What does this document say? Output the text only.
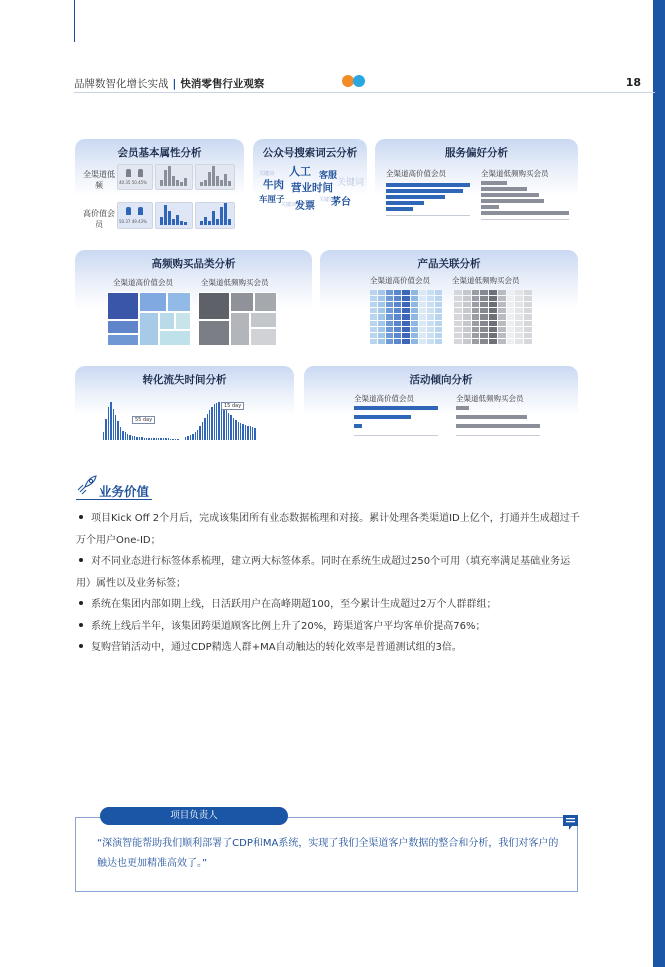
品牌数智化增长实战 | 快消零售行业观察	18
会员基本属性分析
全渠道低频
高价值会员
40.35 50.45%
50.37 49.43%
公众号搜索词云分析
关键词 人工 客服
牛肉 营业时间 关键词
车厘子
关键词
发票 茅台
关键词
服务偏好分析
全渠道高价值会员	全渠道低频购买会员
高频购买品类分析
全渠道高价值会员	全渠道低频购买会员
产品关联分析
全渠道高价值会员	全渠道低频购买会员
转化流失时间分析
55 day
15 day
活动倾向分析
全渠道高价值会员	全渠道低频购买会员
业务价值

项目Kick Off 2个月后，完成该集团所有业态数据梳理和对接。累计处理各类渠道ID上亿个，打通并生成超过千万个用户One-ID；

对不同业态进行标签体系梳理，建立两大标签体系。同时在系统生成超过250个可用（填充率满足基础业务运用）属性以及业务标签；

系统在集团内部如期上线，日活跃用户在高峰期超100，至今累计生成超过2万个人群群组；

系统上线后半年，该集团跨渠道顾客比例上升了20%，跨渠道客户平均客单价提高76%；

复购营销活动中，通过CDP精选人群+MA自动触达的转化效率是普通测试组的3倍。

项目负责人
“深演智能帮助我们顺利部署了CDP和MA系统，实现了我们全渠道客户数据的整合和分析，我们对客户的触达也更加精准高效了。”
